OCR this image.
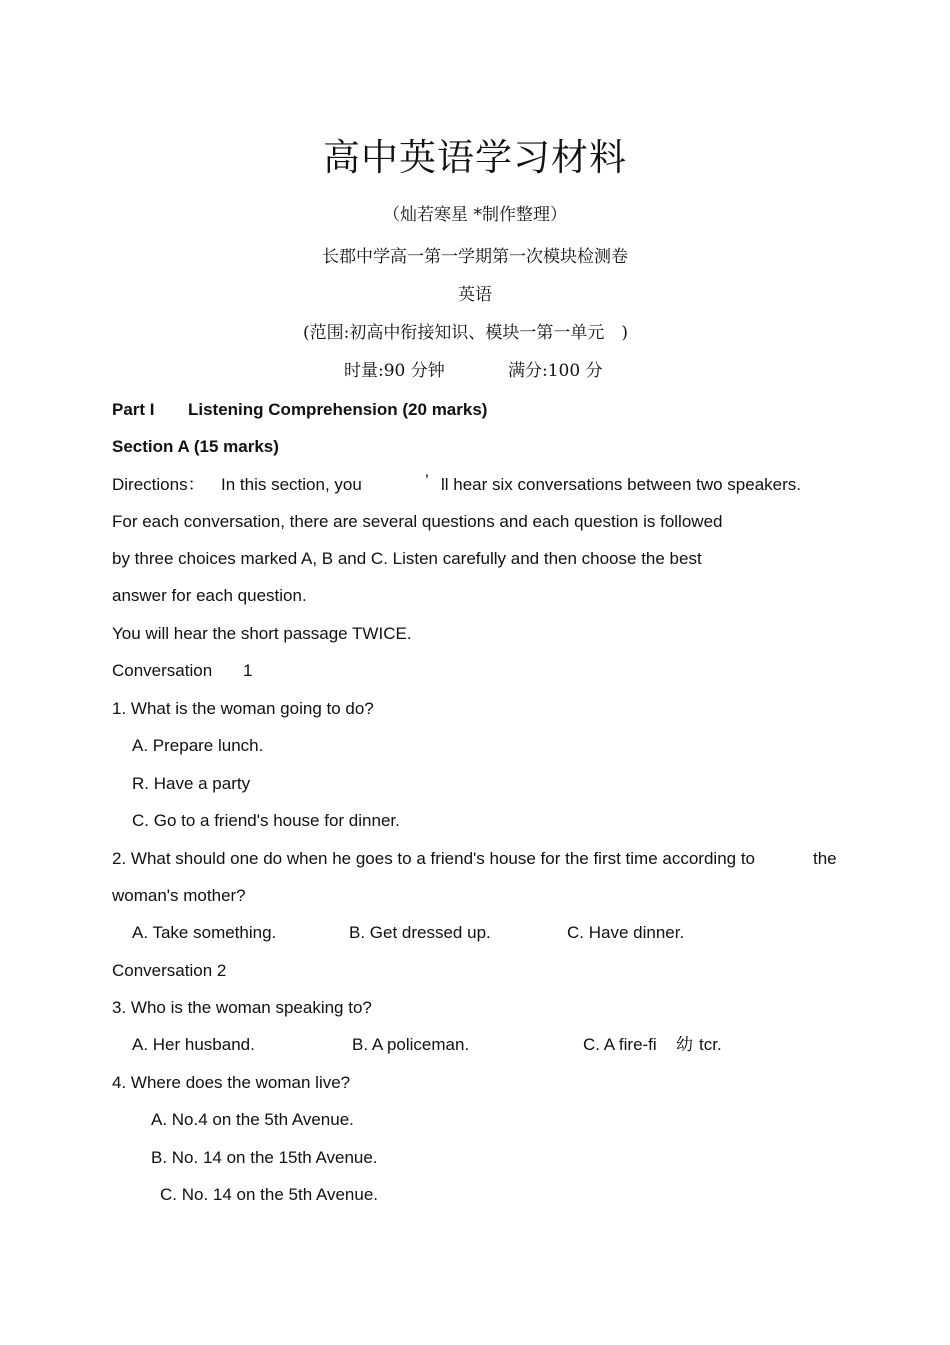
高中英语学习材料
（灿若寒星 *制作整理）
长郡中学高一第一学期第一次模块检测卷
英语
(范围:初高中衔接知识、模块一第一单元　)
时量:90 分钟	满分:100 分
Part I Listening Comprehension (20 marks)
Section A (15 marks)
Directions： In this section, you	’ ll hear six conversations between two speakers.
For each conversation, there are several questions and each question is followed
by three choices marked A, B and C. Listen carefully and then choose the best
answer for each question.
You will hear the short passage TWICE.
Conversation 1
1. What is the woman going to do?
A. Prepare lunch.
R. Have a party
C. Go to a friend's house for dinner.
2. What should one do when he goes to a friend's house for the first time according to	the
woman's mother?
A. Take something.	B. Get dressed up.	C. Have dinner.
Conversation 2
3. Who is the woman speaking to?
A. Her husband.	B. A policeman.	C. A fire-fi 幼 tcr.
4. Where does the woman live?
A. No.4 on the 5th Avenue.
B. No. 14 on the 15th Avenue.
C. No. 14 on the 5th Avenue.
